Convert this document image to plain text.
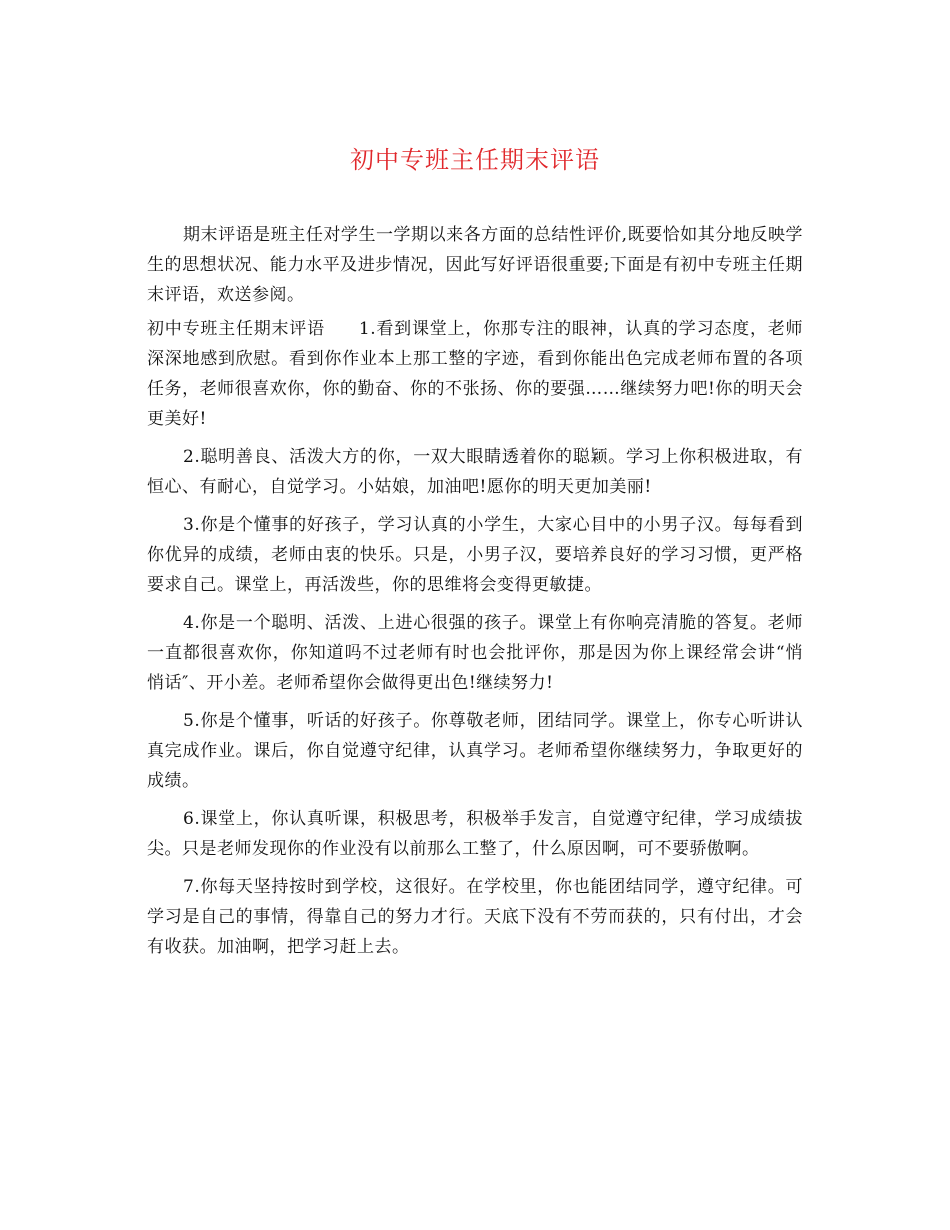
初中专班主任期末评语

期末评语是班主任对学生一学期以来各方面的总结性评价,既要恰如其分地反映学生的思想状况、能力水平及进步情况，因此写好评语很重要;下面是有初中专班主任期末评语，欢送参阅。

初中专班主任期末评语 1.看到课堂上，你那专注的眼神，认真的学习态度，老师深深地感到欣慰。看到你作业本上那工整的字迹，看到你能出色完成老师布置的各项任务，老师很喜欢你，你的勤奋、你的不张扬、你的要强……继续努力吧!你的明天会更美好!

2.聪明善良、活泼大方的你，一双大眼睛透着你的聪颖。学习上你积极进取，有恒心、有耐心，自觉学习。小姑娘，加油吧!愿你的明天更加美丽!

3.你是个懂事的好孩子，学习认真的小学生，大家心目中的小男子汉。每每看到你优异的成绩，老师由衷的快乐。只是，小男子汉，要培养良好的学习习惯，更严格要求自己。课堂上，再活泼些，你的思维将会变得更敏捷。

4.你是一个聪明、活泼、上进心很强的孩子。课堂上有你响亮清脆的答复。老师一直都很喜欢你，你知道吗不过老师有时也会批评你，那是因为你上课经常会讲“悄悄话″、开小差。老师希望你会做得更出色!继续努力!

5.你是个懂事，听话的好孩子。你尊敬老师，团结同学。课堂上，你专心听讲认真完成作业。课后，你自觉遵守纪律，认真学习。老师希望你继续努力，争取更好的成绩。

6.课堂上，你认真听课，积极思考，积极举手发言，自觉遵守纪律，学习成绩拔尖。只是老师发现你的作业没有以前那么工整了，什么原因啊，可不要骄傲啊。

7.你每天坚持按时到学校，这很好。在学校里，你也能团结同学，遵守纪律。可学习是自己的事情，得靠自己的努力才行。天底下没有不劳而获的，只有付出，才会有收获。加油啊，把学习赶上去。
